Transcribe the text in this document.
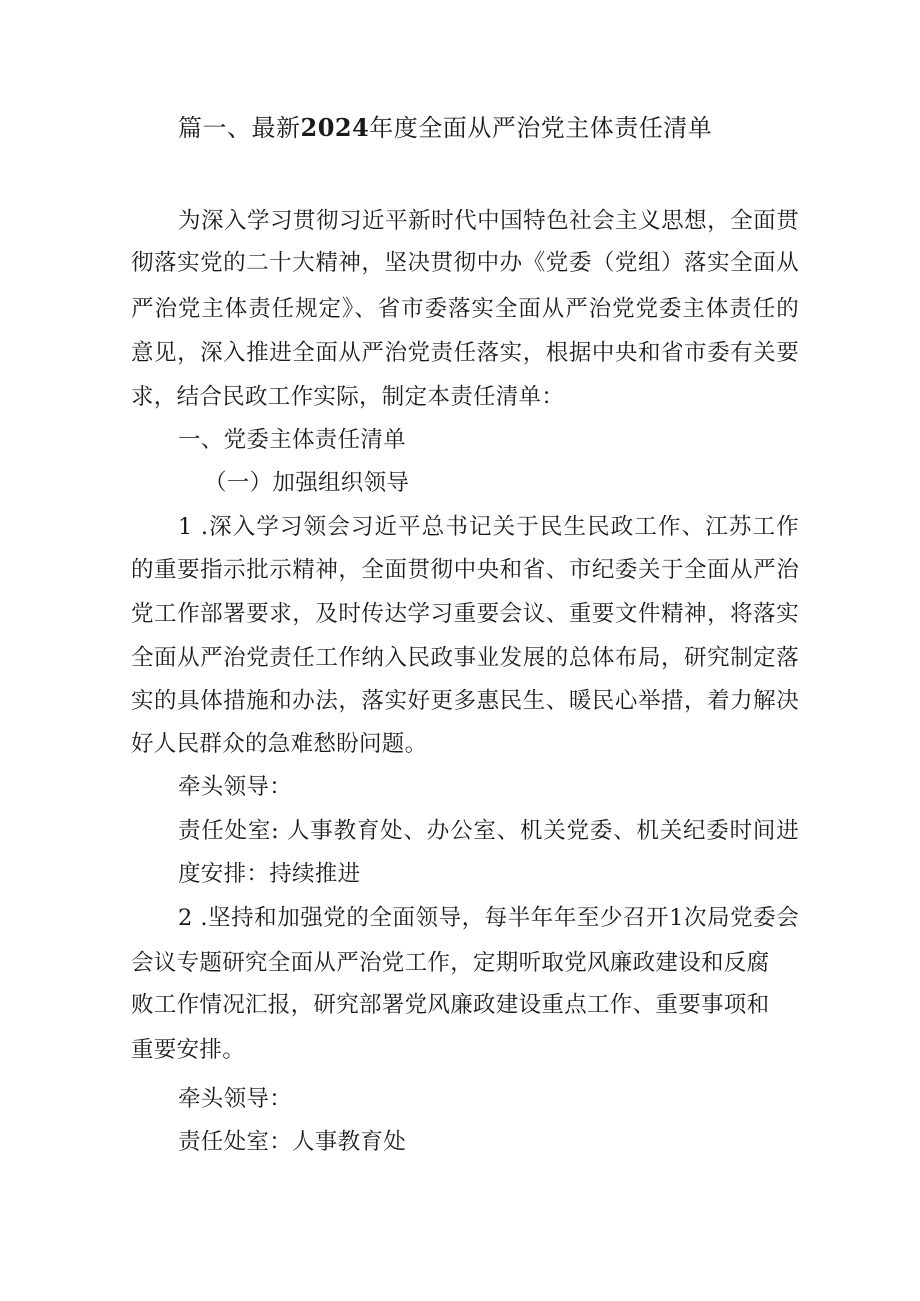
篇一、最新2024年度全面从严治党主体责任清单
为深入学习贯彻习近平新时代中国特色社会主义思想，全面贯
彻落实党的二十大精神，坚决贯彻中办《党委（党组）落实全面从
严治党主体责任规定》、省市委落实全面从严治党党委主体责任的
意见，深入推进全面从严治党责任落实，根据中央和省市委有关要
求，结合民政工作实际，制定本责任清单：
一、党委主体责任清单
（一）加强组织领导
1 .深入学习领会习近平总书记关于民生民政工作、江苏工作
的重要指示批示精神，全面贯彻中央和省、市纪委关于全面从严治
党工作部署要求，及时传达学习重要会议、重要文件精神，将落实
全面从严治党责任工作纳入民政事业发展的总体布局，研究制定落
实的具体措施和办法，落实好更多惠民生、暖民心举措，着力解决
好人民群众的急难愁盼问题。
牵头领导：
责任处室: 人事教育处、办公室、机关党委、机关纪委时间进
度安排：持续推进
2 .坚持和加强党的全面领导，每半年年至少召开1次局党委会
会议专题研究全面从严治党工作，定期听取党风廉政建设和反腐
败工作情况汇报，研究部署党风廉政建设重点工作、重要事项和
重要安排。
牵头领导：
责任处室：人事教育处
